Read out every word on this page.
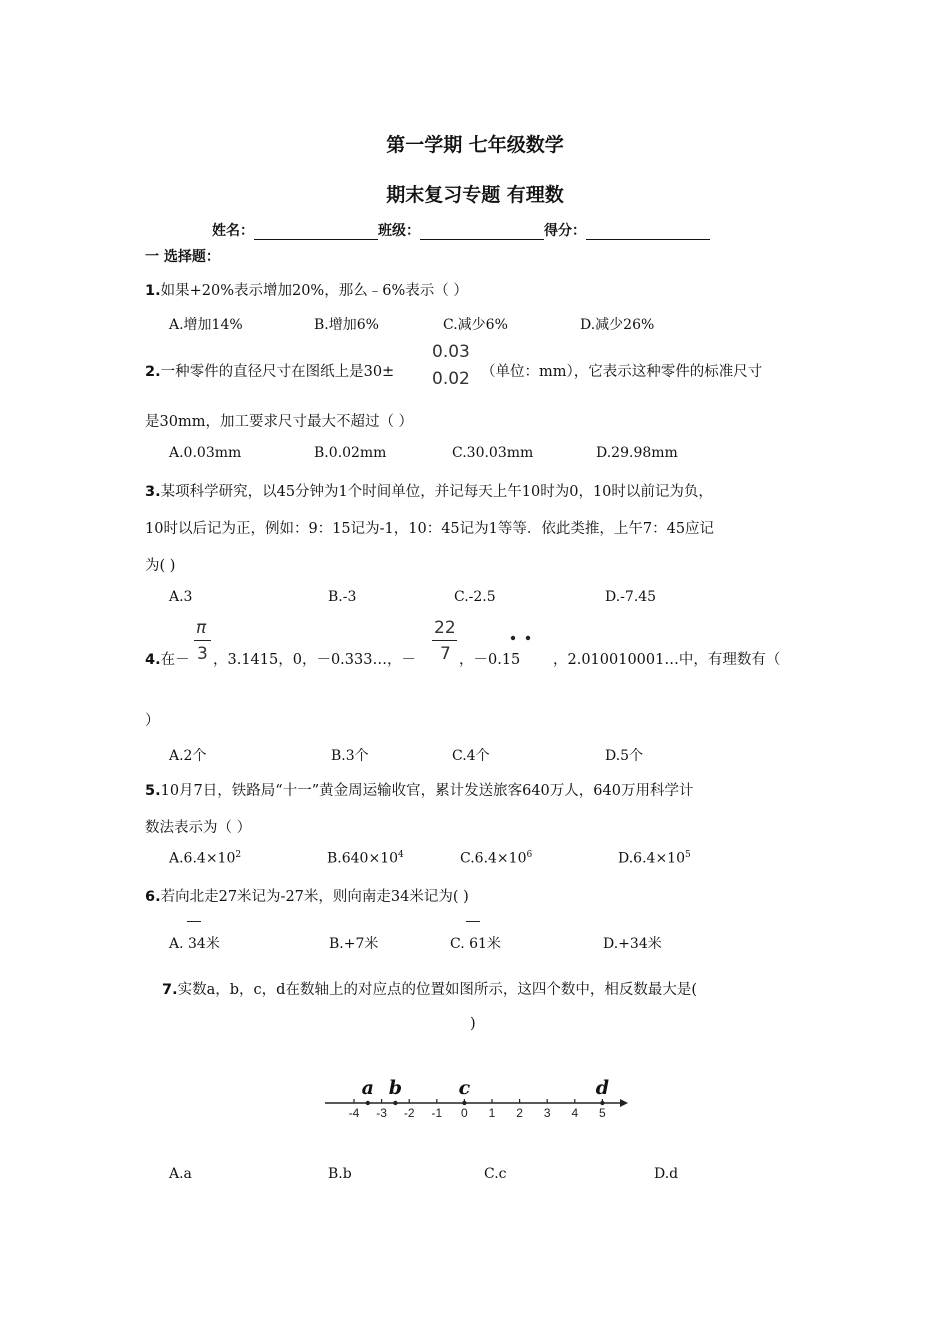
第一学期 七年级数学
期末复习专题 有理数
姓名：	班级：	得分：
一 选择题：
1.如果+20%表示增加20%，那么﹣6%表示（ ）
A.增加14%	B.增加6%	C.减少6%	D.减少26%
2.一种零件的直径尺寸在图纸上是30±
0.03
0.02 （单位：mm），它表示这种零件的标准尺寸
是30mm，加工要求尺寸最大不超过（ ）
A.0.03mm	B.0.02mm	C.30.03mm	D.29.98mm
3.某项科学研究，以45分钟为1个时间单位，并记每天上午10时为0，10时以前记为负，
10时以后记为正，例如：9：15记为-1，10：45记为1等等．依此类推，上午7：45应记
为( )
A.3	B.-3	C.-2.5	D.-7.45
4.在－
π
3 ，3.1415，0，－0.333…，－
22
7 ，－0.15 ，2.010010001…中，有理数有（
）
A.2个	B.3个	C.4个	D.5个
5.10月7日，铁路局“十一”黄金周运输收官，累计发送旅客640万人，640万用科学计
数法表示为（ ）
$A.6.4\times 10^2$	$B.640\times 10^4$	$C.6.4\times 10^6$	$D.6.4\times 10^5$
6.若向北走27米记为-27米，则向南走34米记为( )
A. 34米	B.+7米	C. 61米	D.+34米
7.实数a，b，c，d在数轴上的对应点的位置如图所示，这四个数中，相反数最大是(
)
-4 -3 -2 -1 0 1 2 3 4 5
a b	c	d
A.a	B.b	C.c	D.d
